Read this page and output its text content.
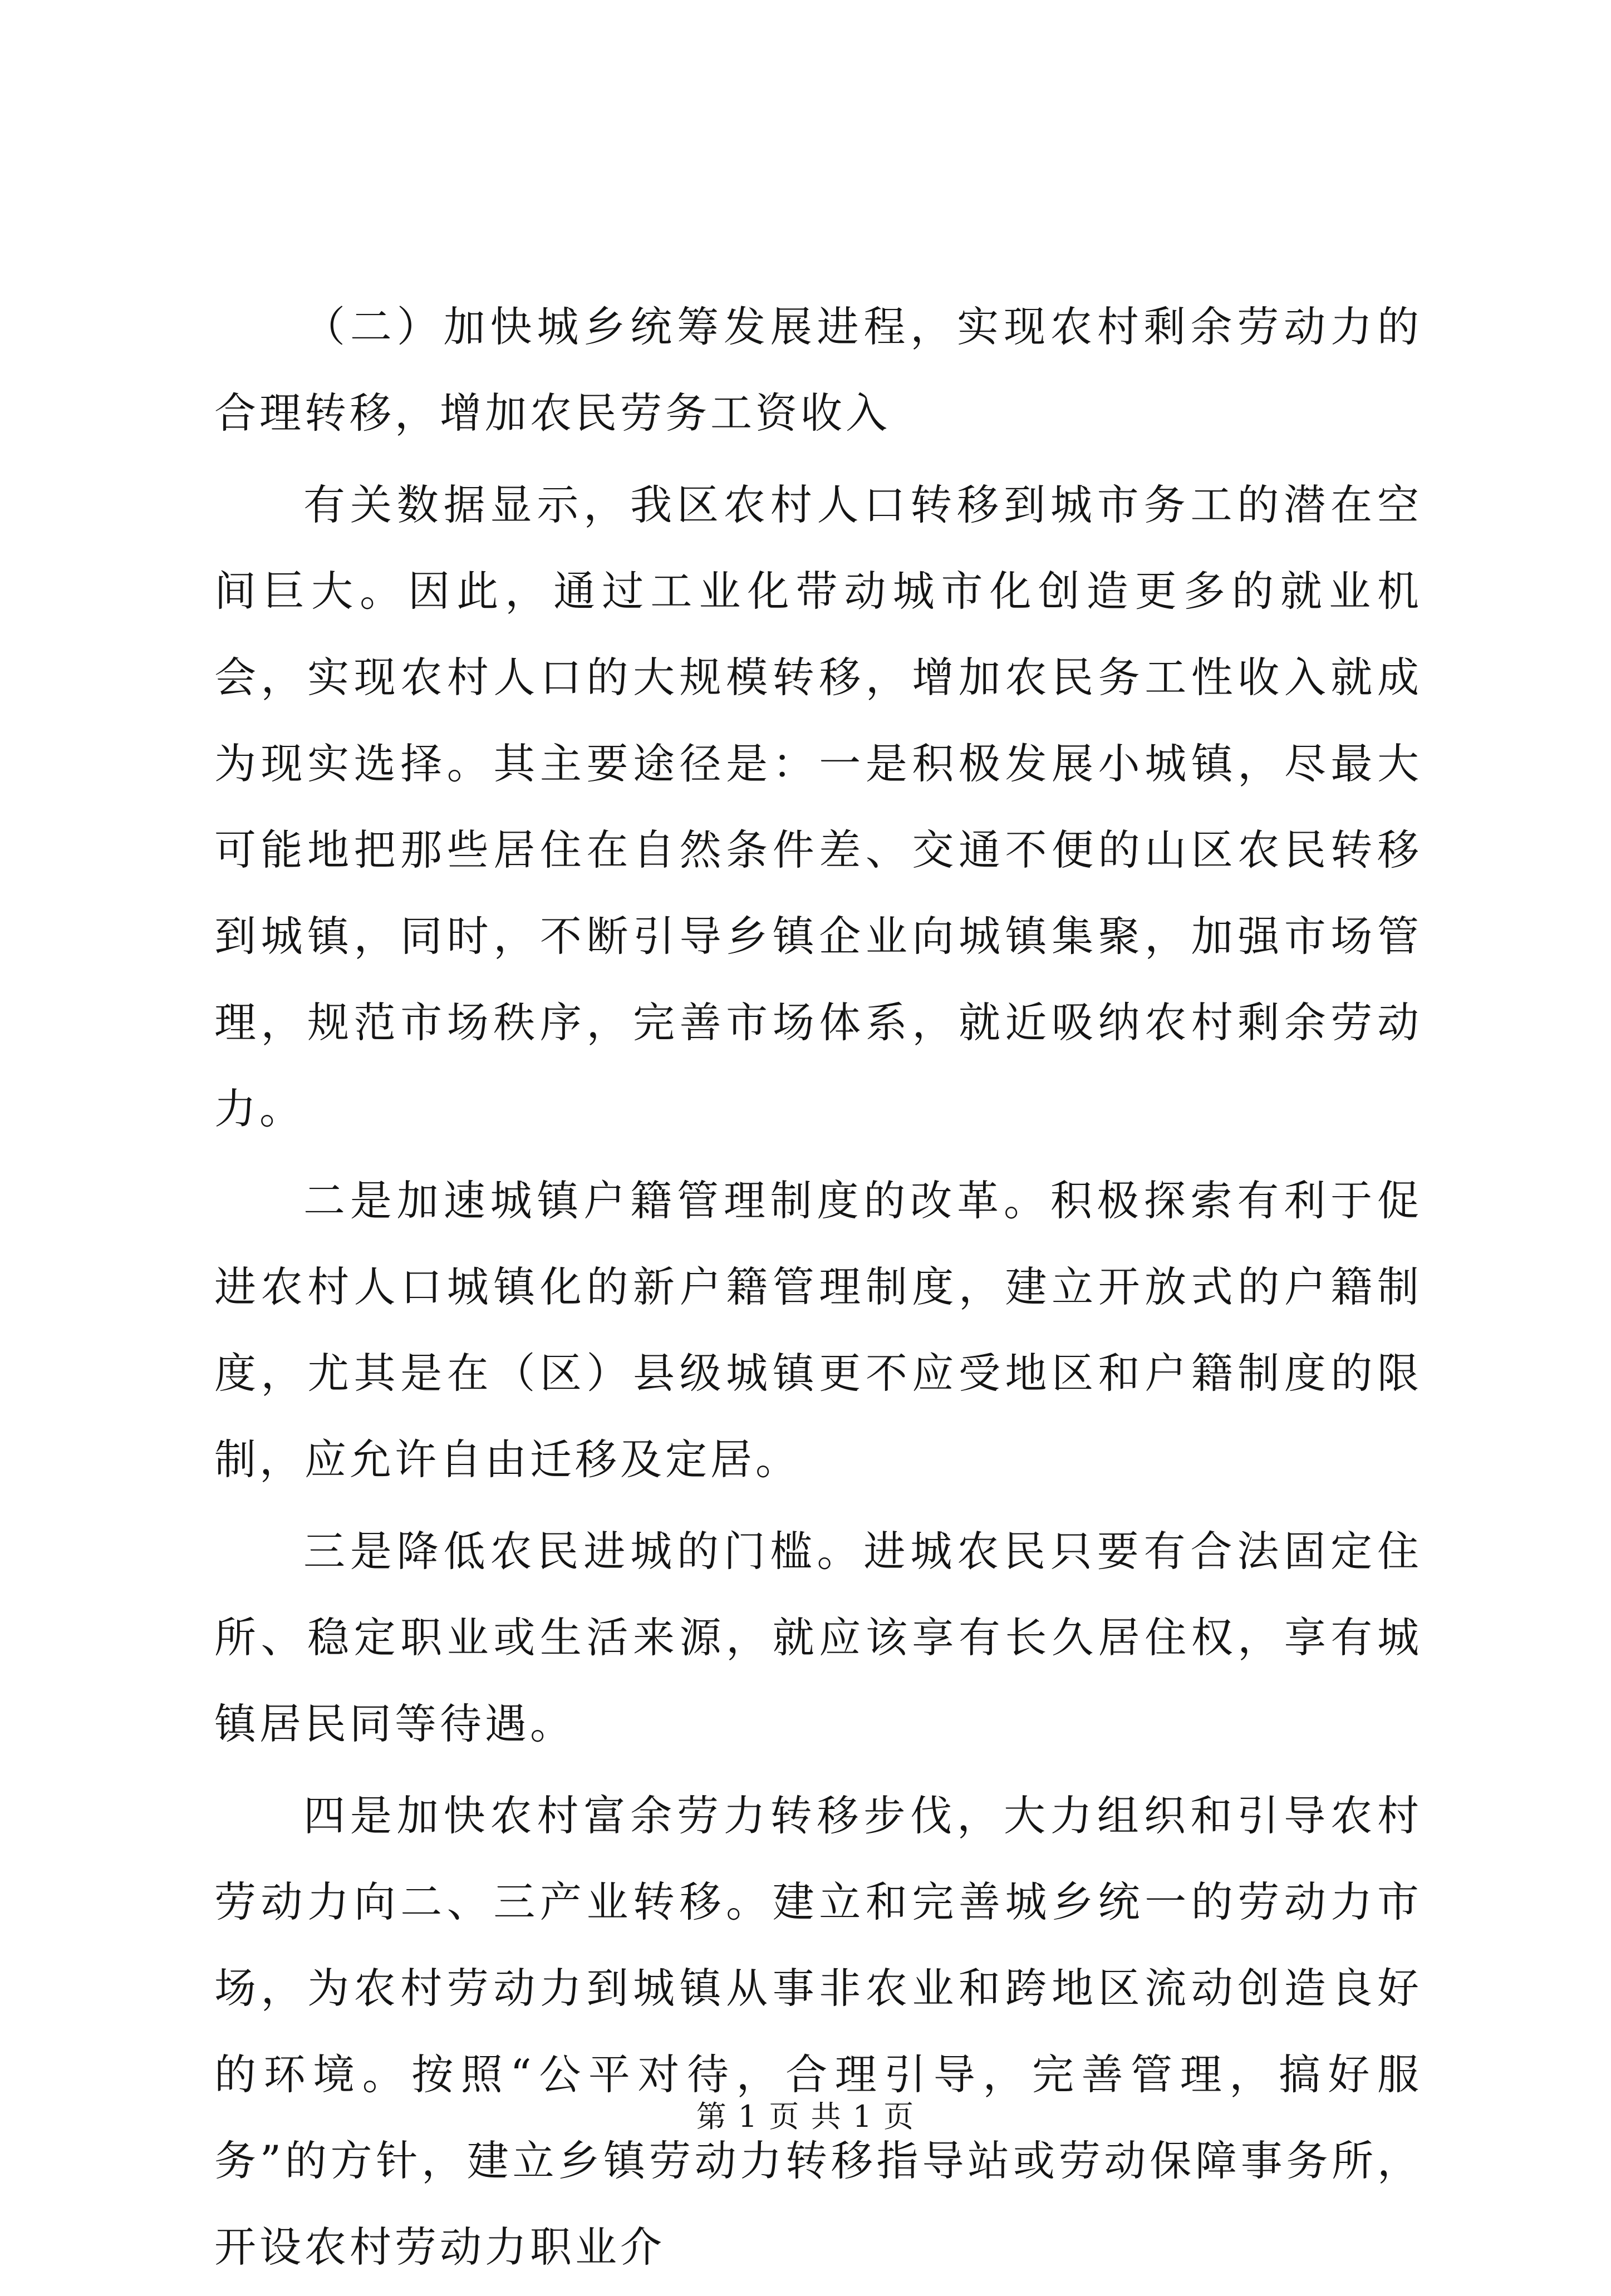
（二）加快城乡统筹发展进程，实现农村剩余劳动力的合理转移，增加农民劳务工资收入

有关数据显示，我区农村人口转移到城市务工的潜在空间巨大。因此，通过工业化带动城市化创造更多的就业机会，实现农村人口的大规模转移，增加农民务工性收入就成为现实选择。其主要途径是：一是积极发展小城镇，尽最大可能地把那些居住在自然条件差、交通不便的山区农民转移到城镇，同时，不断引导乡镇企业向城镇集聚，加强市场管理，规范市场秩序，完善市场体系，就近吸纳农村剩余劳动力。

二是加速城镇户籍管理制度的改革。积极探索有利于促进农村人口城镇化的新户籍管理制度，建立开放式的户籍制度，尤其是在（区）县级城镇更不应受地区和户籍制度的限制，应允许自由迁移及定居。

三是降低农民进城的门槛。进城农民只要有合法固定住所、稳定职业或生活来源，就应该享有长久居住权，享有城镇居民同等待遇。

四是加快农村富余劳力转移步伐，大力组织和引导农村劳动力向二、三产业转移。建立和完善城乡统一的劳动力市场，为农村劳动力到城镇从事非农业和跨地区流动创造良好的环境。按照“公平对待，合理引导，完善管理，搞好服务”的方针，建立乡镇劳动力转移指导站或劳动保障事务所，开设农村劳动力职业介

第 1 页 共 1 页
